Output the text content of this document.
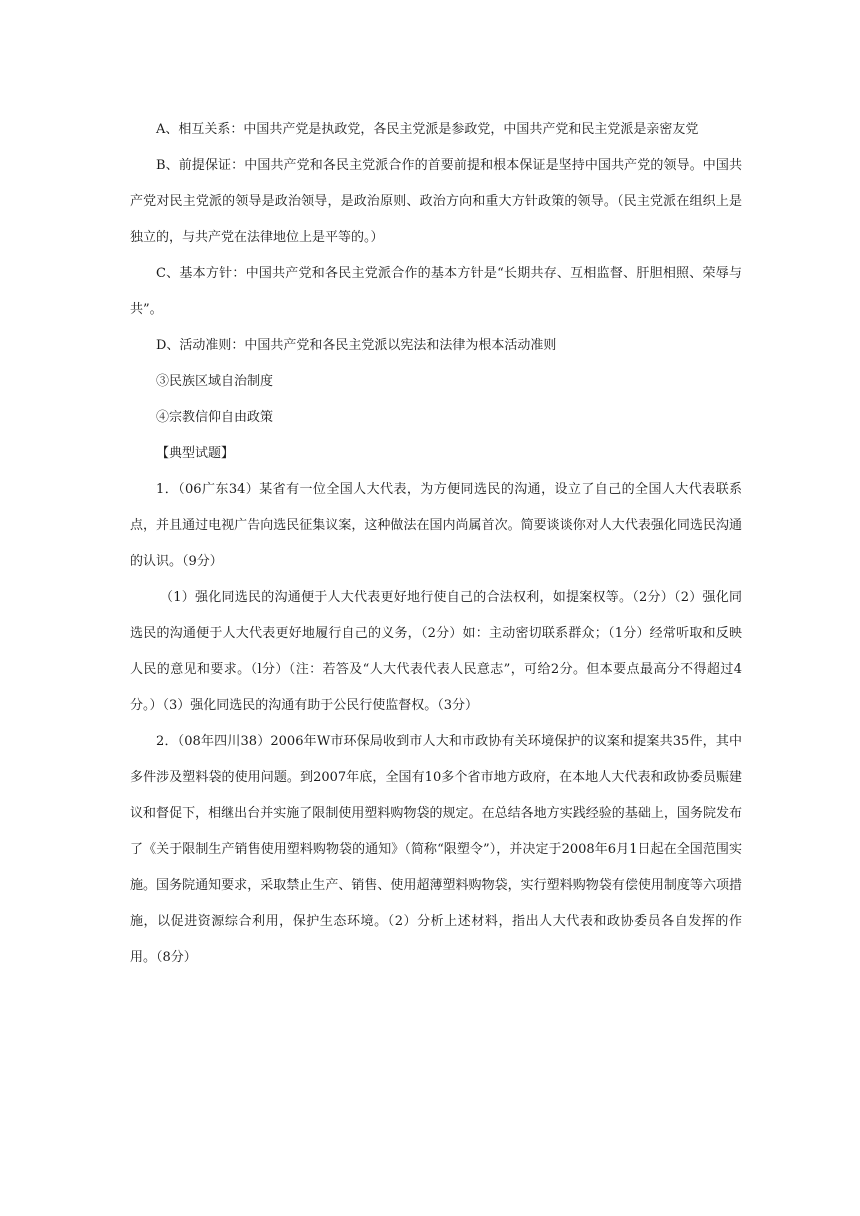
A、相互关系：中国共产党是执政党，各民主党派是参政党，中国共产党和民主党派是亲密友党

B、前提保证：中国共产党和各民主党派合作的首要前提和根本保证是坚持中国共产党的领导。中国共产党对民主党派的领导是政治领导，是政治原则、政治方向和重大方针政策的领导。（民主党派在组织上是独立的，与共产党在法律地位上是平等的。）

C、基本方针：中国共产党和各民主党派合作的基本方针是“长期共存、互相监督、肝胆相照、荣辱与共”。

D、活动准则：中国共产党和各民主党派以宪法和法律为根本活动准则

③民族区域自治制度

④宗教信仰自由政策

【典型试题】

1．（06广东34）某省有一位全国人大代表，为方便同选民的沟通，设立了自己的全国人大代表联系点，并且通过电视广告向选民征集议案，这种做法在国内尚属首次。简要谈谈你对人大代表强化同选民沟通的认识。（9分）

（1）强化同选民的沟通便于人大代表更好地行使自己的合法权利，如提案权等。（2分）（2）强化同选民的沟通便于人大代表更好地履行自己的义务，（2分）如：主动密切联系群众；（1分）经常听取和反映人民的意见和要求。（l分）（注：若答及“人大代表代表人民意志”，可给2分。但本要点最高分不得超过4分。）（3）强化同选民的沟通有助于公民行使监督权。（3分）

2．（08年四川38）2006年W市环保局收到市人大和市政协有关环境保护的议案和提案共35件，其中多件涉及塑料袋的使用问题。到2007年底，全国有10多个省市地方政府，在本地人大代表和政协委员赈建议和督促下，相继出台并实施了限制使用塑料购物袋的规定。在总结各地方实践经验的基础上，国务院发布了《关于限制生产销售使用塑料购物袋的通知》（简称“限塑令”），并决定于2008年6月1日起在全国范围实施。国务院通知要求，采取禁止生产、销售、使用超薄塑料购物袋，实行塑料购物袋有偿使用制度等六项措施，以促进资源综合利用，保护生态环境。（2）分析上述材料，指出人大代表和政协委员各自发挥的作用。（8分）
